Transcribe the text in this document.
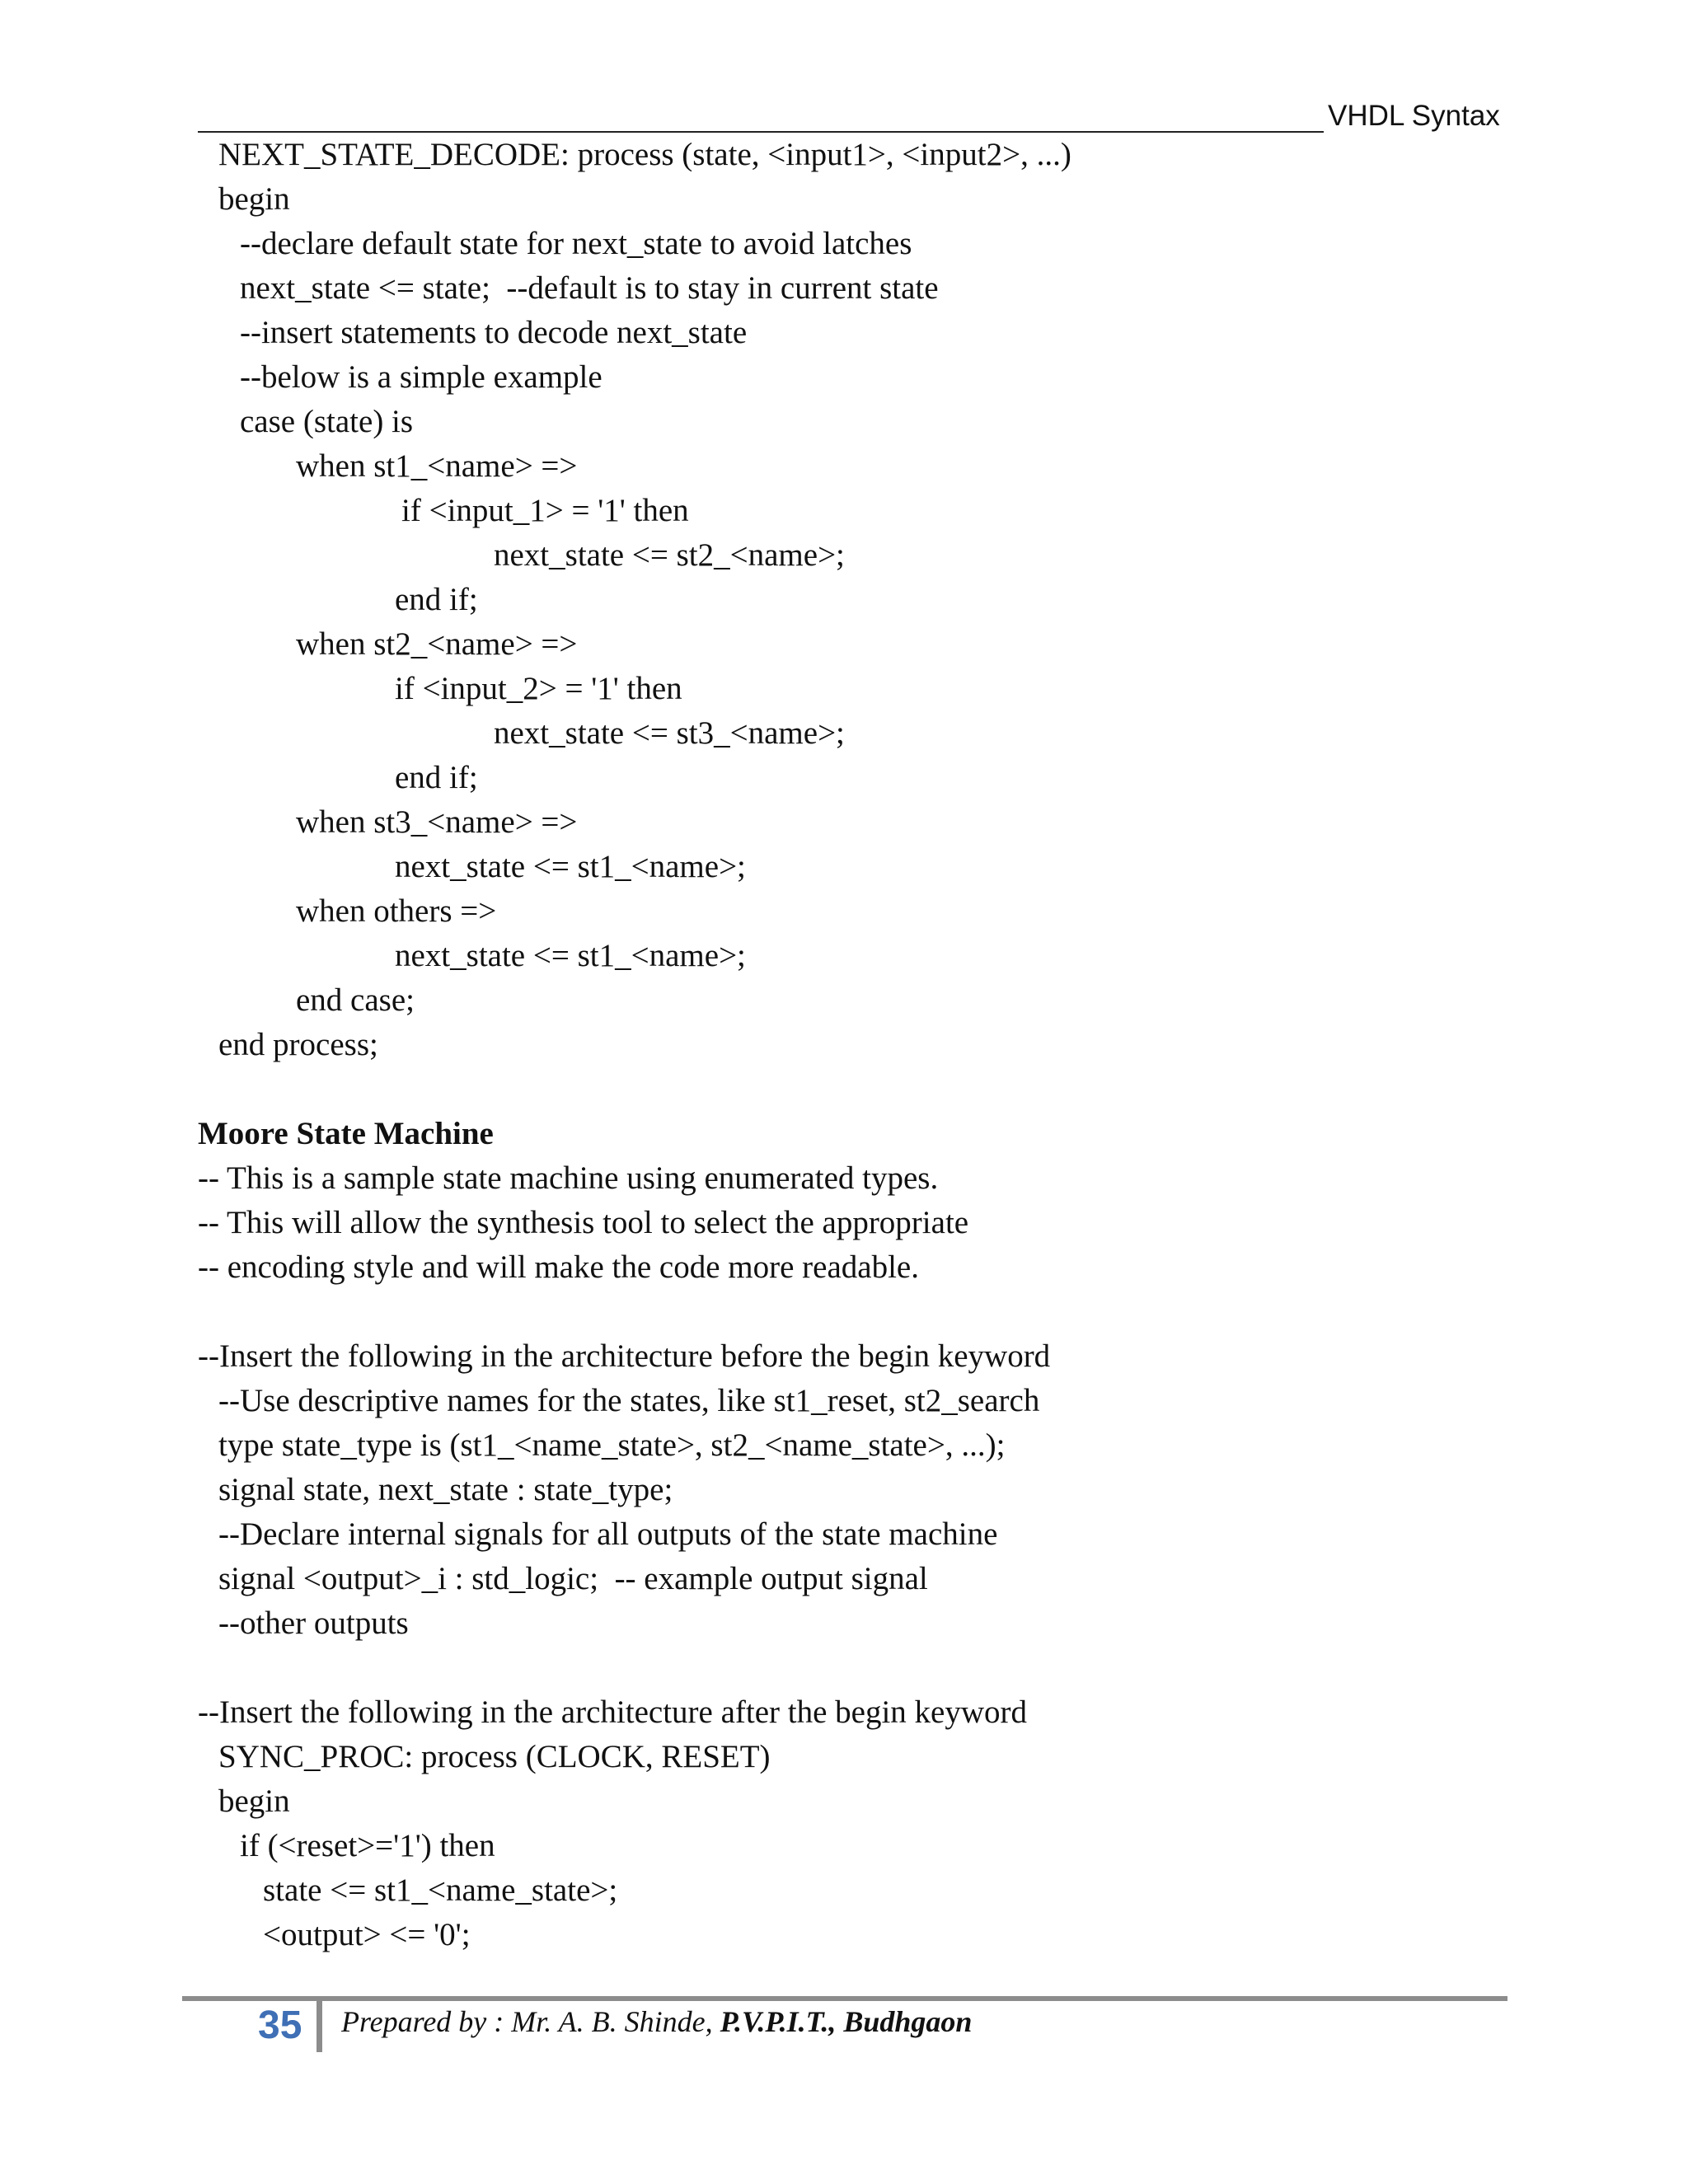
VHDL Syntax
NEXT_STATE_DECODE: process (state, <input1>, <input2>, ...)
begin
--declare default state for next_state to avoid latches
next_state <= state;  --default is to stay in current state
--insert statements to decode next_state
--below is a simple example
case (state) is
when st1_<name> =>
if <input_1> = '1' then
next_state <= st2_<name>;
end if;
when st2_<name> =>
if <input_2> = '1' then
next_state <= st3_<name>;
end if;
when st3_<name> =>
next_state <= st1_<name>;
when others =>
next_state <= st1_<name>;
end case;
end process;
Moore State Machine
-- This is a sample state machine using enumerated types.
-- This will allow the synthesis tool to select the appropriate
-- encoding style and will make the code more readable.
--Insert the following in the architecture before the begin keyword
--Use descriptive names for the states, like st1_reset, st2_search
type state_type is (st1_<name_state>, st2_<name_state>, ...);
signal state, next_state : state_type;
--Declare internal signals for all outputs of the state machine
signal <output>_i : std_logic;  -- example output signal
--other outputs
--Insert the following in the architecture after the begin keyword
SYNC_PROC: process (CLOCK, RESET)
begin
if (<reset>='1') then
state <= st1_<name_state>;
<output> <= '0';
35 Prepared by : Mr. A. B. Shinde, P.V.P.I.T., Budhgaon
